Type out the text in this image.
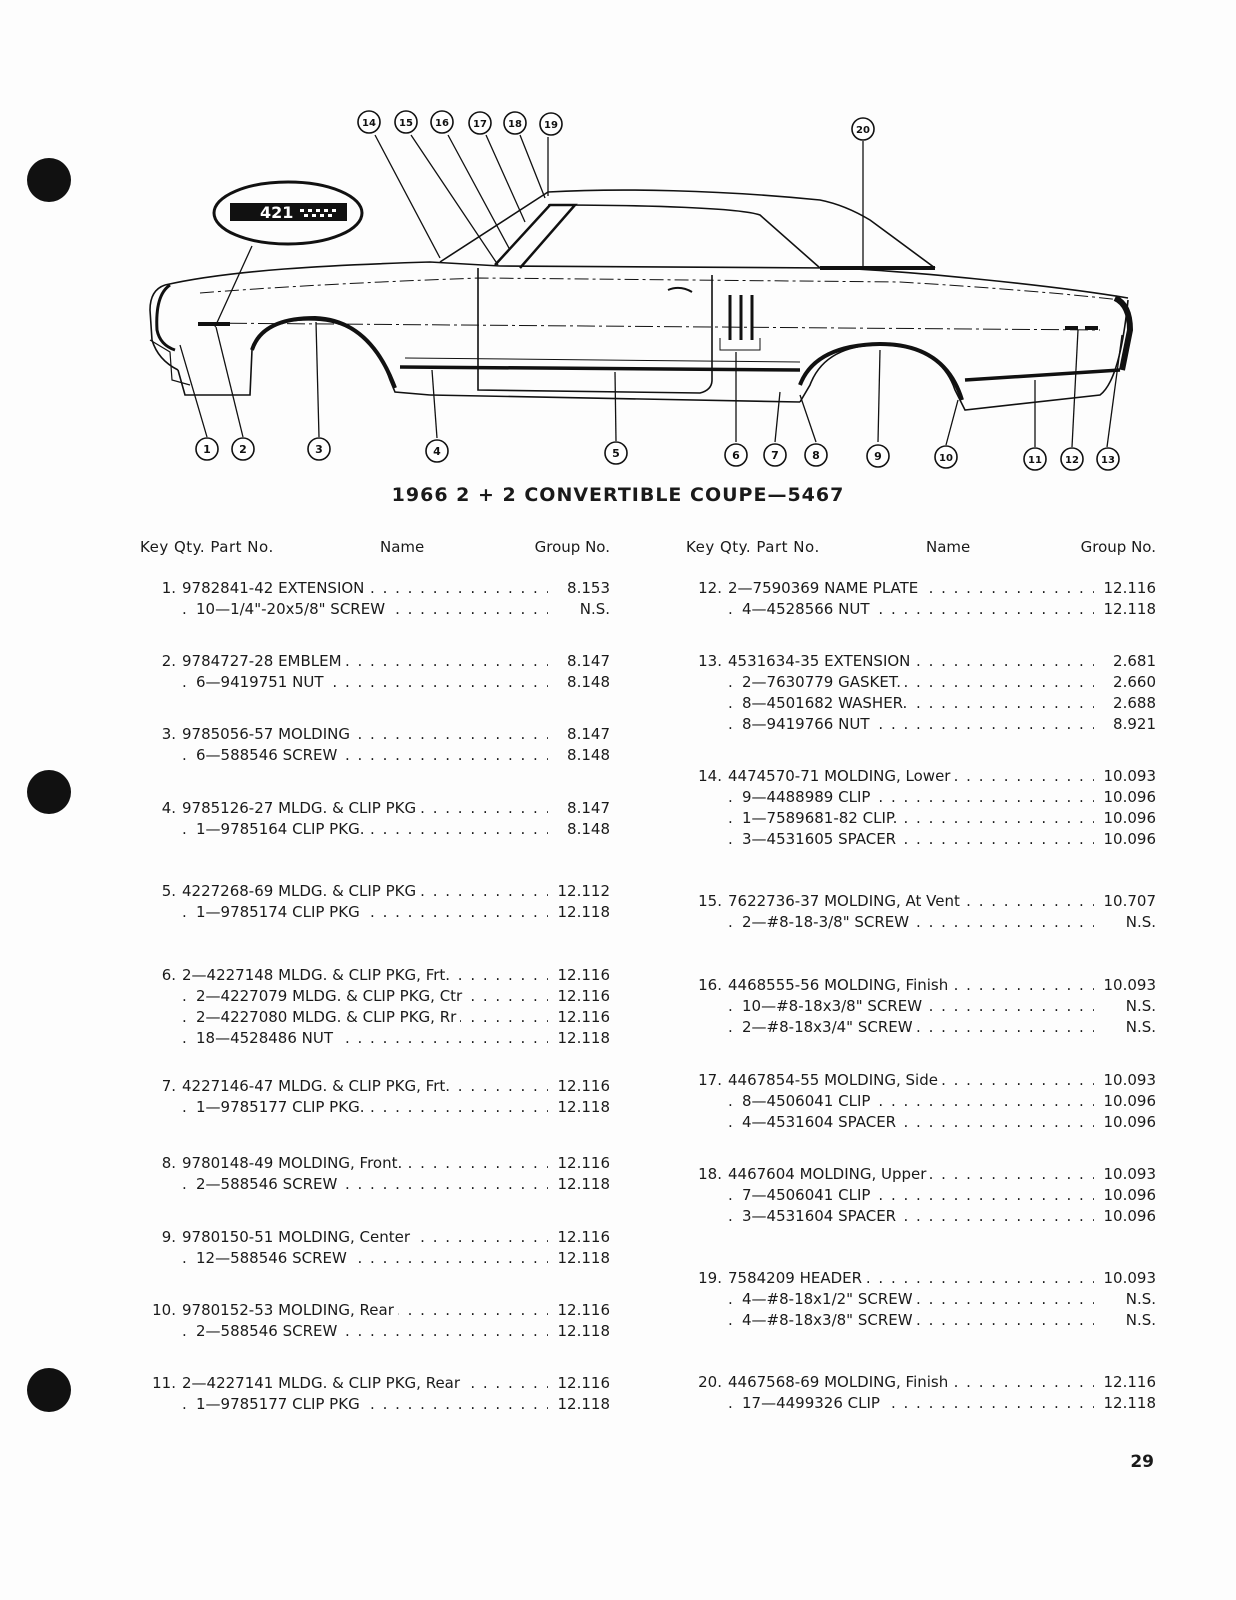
421
1	2	3	4	5	6	7	8	9	10	11 12 13
14 15 16 17 18 19	20
1966 2 + 2 CONVERTIBLE COUPE—5467
Key Qty. Part No.	Name	Group No.
1. 9782841-42 EXTENSION . . .	8.153
10—1/4"-20x5/8" SCREW . . .	N.S.
2. 9784727-28 EMBLEM . . .	8.147
6—9419751 NUT . . .	8.148
3. 9785056-57 MOLDING . . .	8.147
6—588546 SCREW . . .	8.148
4. 9785126-27 MLDG. & CLIP PKG . . .	8.147
1—9785164 CLIP PKG. . . .	8.148
5. 4227268-69 MLDG. & CLIP PKG . . .	12.112
1—9785174 CLIP PKG . . .	12.118
6. 2—4227148 MLDG. & CLIP PKG, Frt. . . .	12.116
2—4227079 MLDG. & CLIP PKG, Ctr . . .	12.116
2—4227080 MLDG. & CLIP PKG, Rr . . .	12.116
18—4528486 NUT . . .	12.118
7. 4227146-47 MLDG. & CLIP PKG, Frt. . . .	12.116
1—9785177 CLIP PKG. . . .	12.118
8. 9780148-49 MOLDING, Front. . . .	12.116
2—588546 SCREW . . .	12.118
9. 9780150-51 MOLDING, Center . . .	12.116
12—588546 SCREW . . .	12.118
10. 9780152-53 MOLDING, Rear . . .	12.116
2—588546 SCREW . . .	12.118
11. 2—4227141 MLDG. & CLIP PKG, Rear . . .	12.116
1—9785177 CLIP PKG . . .	12.118
Key Qty. Part No.	Name	Group No.
12. 2—7590369 NAME PLATE . . .	12.116
4—4528566 NUT . . .	12.118
13. 4531634-35 EXTENSION . . .	2.681
2—7630779 GASKET. . . .	2.660
8—4501682 WASHER. . . .	2.688
8—9419766 NUT . . .	8.921
14. 4474570-71 MOLDING, Lower . . .	10.093
9—4488989 CLIP . . .	10.096
1—7589681-82 CLIP. . . .	10.096
3—4531605 SPACER . . .	10.096
15. 7622736-37 MOLDING, At Vent . . .	10.707
2—#8-18-3/8" SCREW . . .	N.S.
16. 4468555-56 MOLDING, Finish . . .	10.093
10—#8-18x3/8" SCREW . . .	N.S.
2—#8-18x3/4" SCREW . . .	N.S.
17. 4467854-55 MOLDING, Side . . .	10.093
8—4506041 CLIP . . .	10.096
4—4531604 SPACER . . .	10.096
18. 4467604 MOLDING, Upper . . .	10.093
7—4506041 CLIP . . .	10.096
3—4531604 SPACER . . .	10.096
19. 7584209 HEADER . . .	10.093
4—#8-18x1/2" SCREW . . .	N.S.
4—#8-18x3/8" SCREW . . .	N.S.
20. 4467568-69 MOLDING, Finish . . .	12.116
17—4499326 CLIP . . .	12.118
29
